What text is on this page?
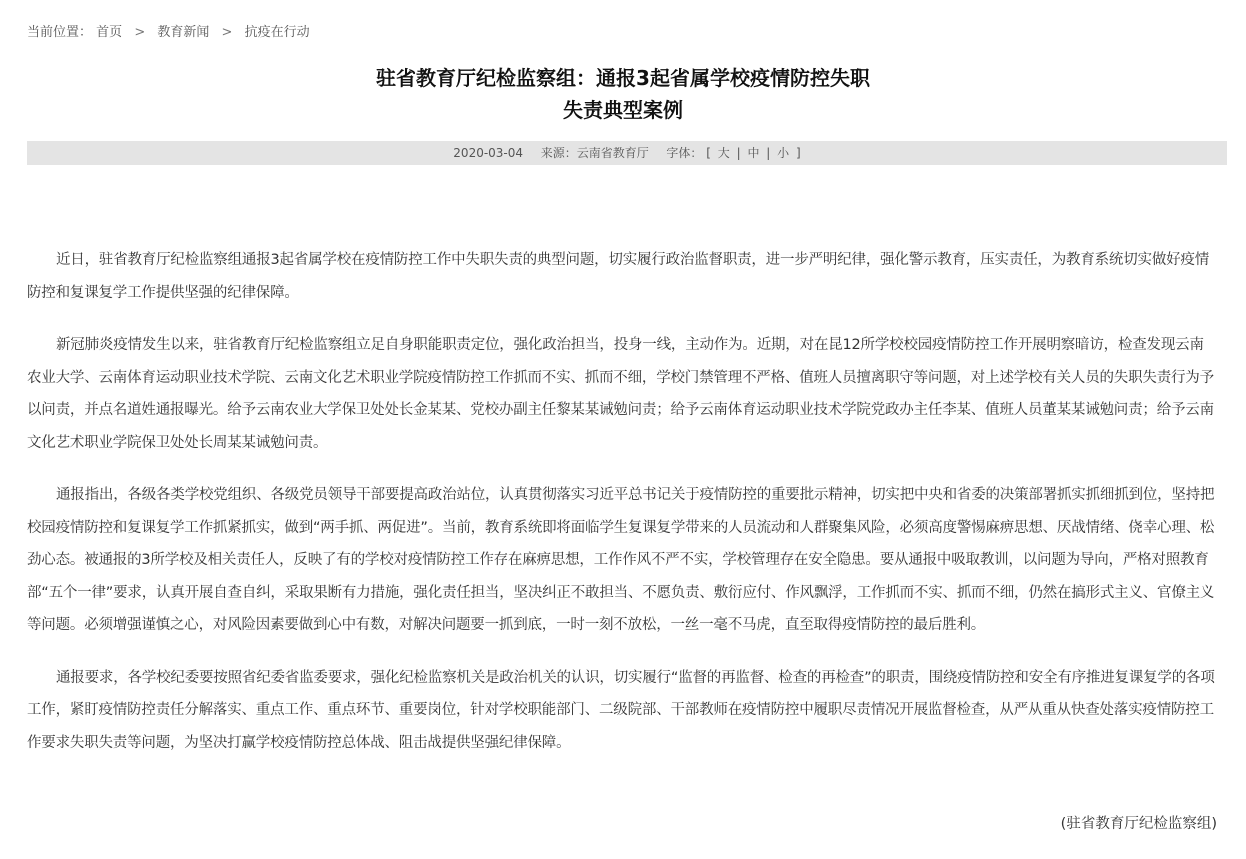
当前位置： 首页 > 教育新闻 > 抗疫在行动
驻省教育厅纪检监察组：通报3起省属学校疫情防控失职
失责典型案例
2020-03-04 来源：云南省教育厅 字体： [ 大 | 中 | 小 ]

近日，驻省教育厅纪检监察组通报3起省属学校在疫情防控工作中失职失责的典型问题，切实履行政治监督职责，进一步严明纪律，强化警示教育，压实责任，为教育系统切实做好疫情防控和复课复学工作提供坚强的纪律保障。

新冠肺炎疫情发生以来，驻省教育厅纪检监察组立足自身职能职责定位，强化政治担当，投身一线，主动作为。近期，对在昆12所学校校园疫情防控工作开展明察暗访，检查发现云南农业大学、云南体育运动职业技术学院、云南文化艺术职业学院疫情防控工作抓而不实、抓而不细，学校门禁管理不严格、值班人员擅离职守等问题，对上述学校有关人员的失职失责行为予以问责，并点名道姓通报曝光。给予云南农业大学保卫处处长金某某、党校办副主任黎某某诫勉问责；给予云南体育运动职业技术学院党政办主任李某、值班人员董某某诫勉问责；给予云南文化艺术职业学院保卫处处长周某某诫勉问责。

通报指出，各级各类学校党组织、各级党员领导干部要提高政治站位，认真贯彻落实习近平总书记关于疫情防控的重要批示精神，切实把中央和省委的决策部署抓实抓细抓到位，坚持把校园疫情防控和复课复学工作抓紧抓实，做到“两手抓、两促进”。当前，教育系统即将面临学生复课复学带来的人员流动和人群聚集风险，必须高度警惕麻痹思想、厌战情绪、侥幸心理、松劲心态。被通报的3所学校及相关责任人，反映了有的学校对疫情防控工作存在麻痹思想，工作作风不严不实，学校管理存在安全隐患。要从通报中吸取教训，以问题为导向，严格对照教育部“五个一律”要求，认真开展自查自纠，采取果断有力措施，强化责任担当，坚决纠正不敢担当、不愿负责、敷衍应付、作风飘浮，工作抓而不实、抓而不细，仍然在搞形式主义、官僚主义等问题。必须增强谨慎之心，对风险因素要做到心中有数，对解决问题要一抓到底，一时一刻不放松，一丝一毫不马虎，直至取得疫情防控的最后胜利。

通报要求，各学校纪委要按照省纪委省监委要求，强化纪检监察机关是政治机关的认识，切实履行“监督的再监督、检查的再检查”的职责，围绕疫情防控和安全有序推进复课复学的各项工作，紧盯疫情防控责任分解落实、重点工作、重点环节、重要岗位，针对学校职能部门、二级院部、干部教师在疫情防控中履职尽责情况开展监督检查，从严从重从快查处落实疫情防控工作要求失职失责等问题，为坚决打赢学校疫情防控总体战、阻击战提供坚强纪律保障。

(驻省教育厅纪检监察组)
